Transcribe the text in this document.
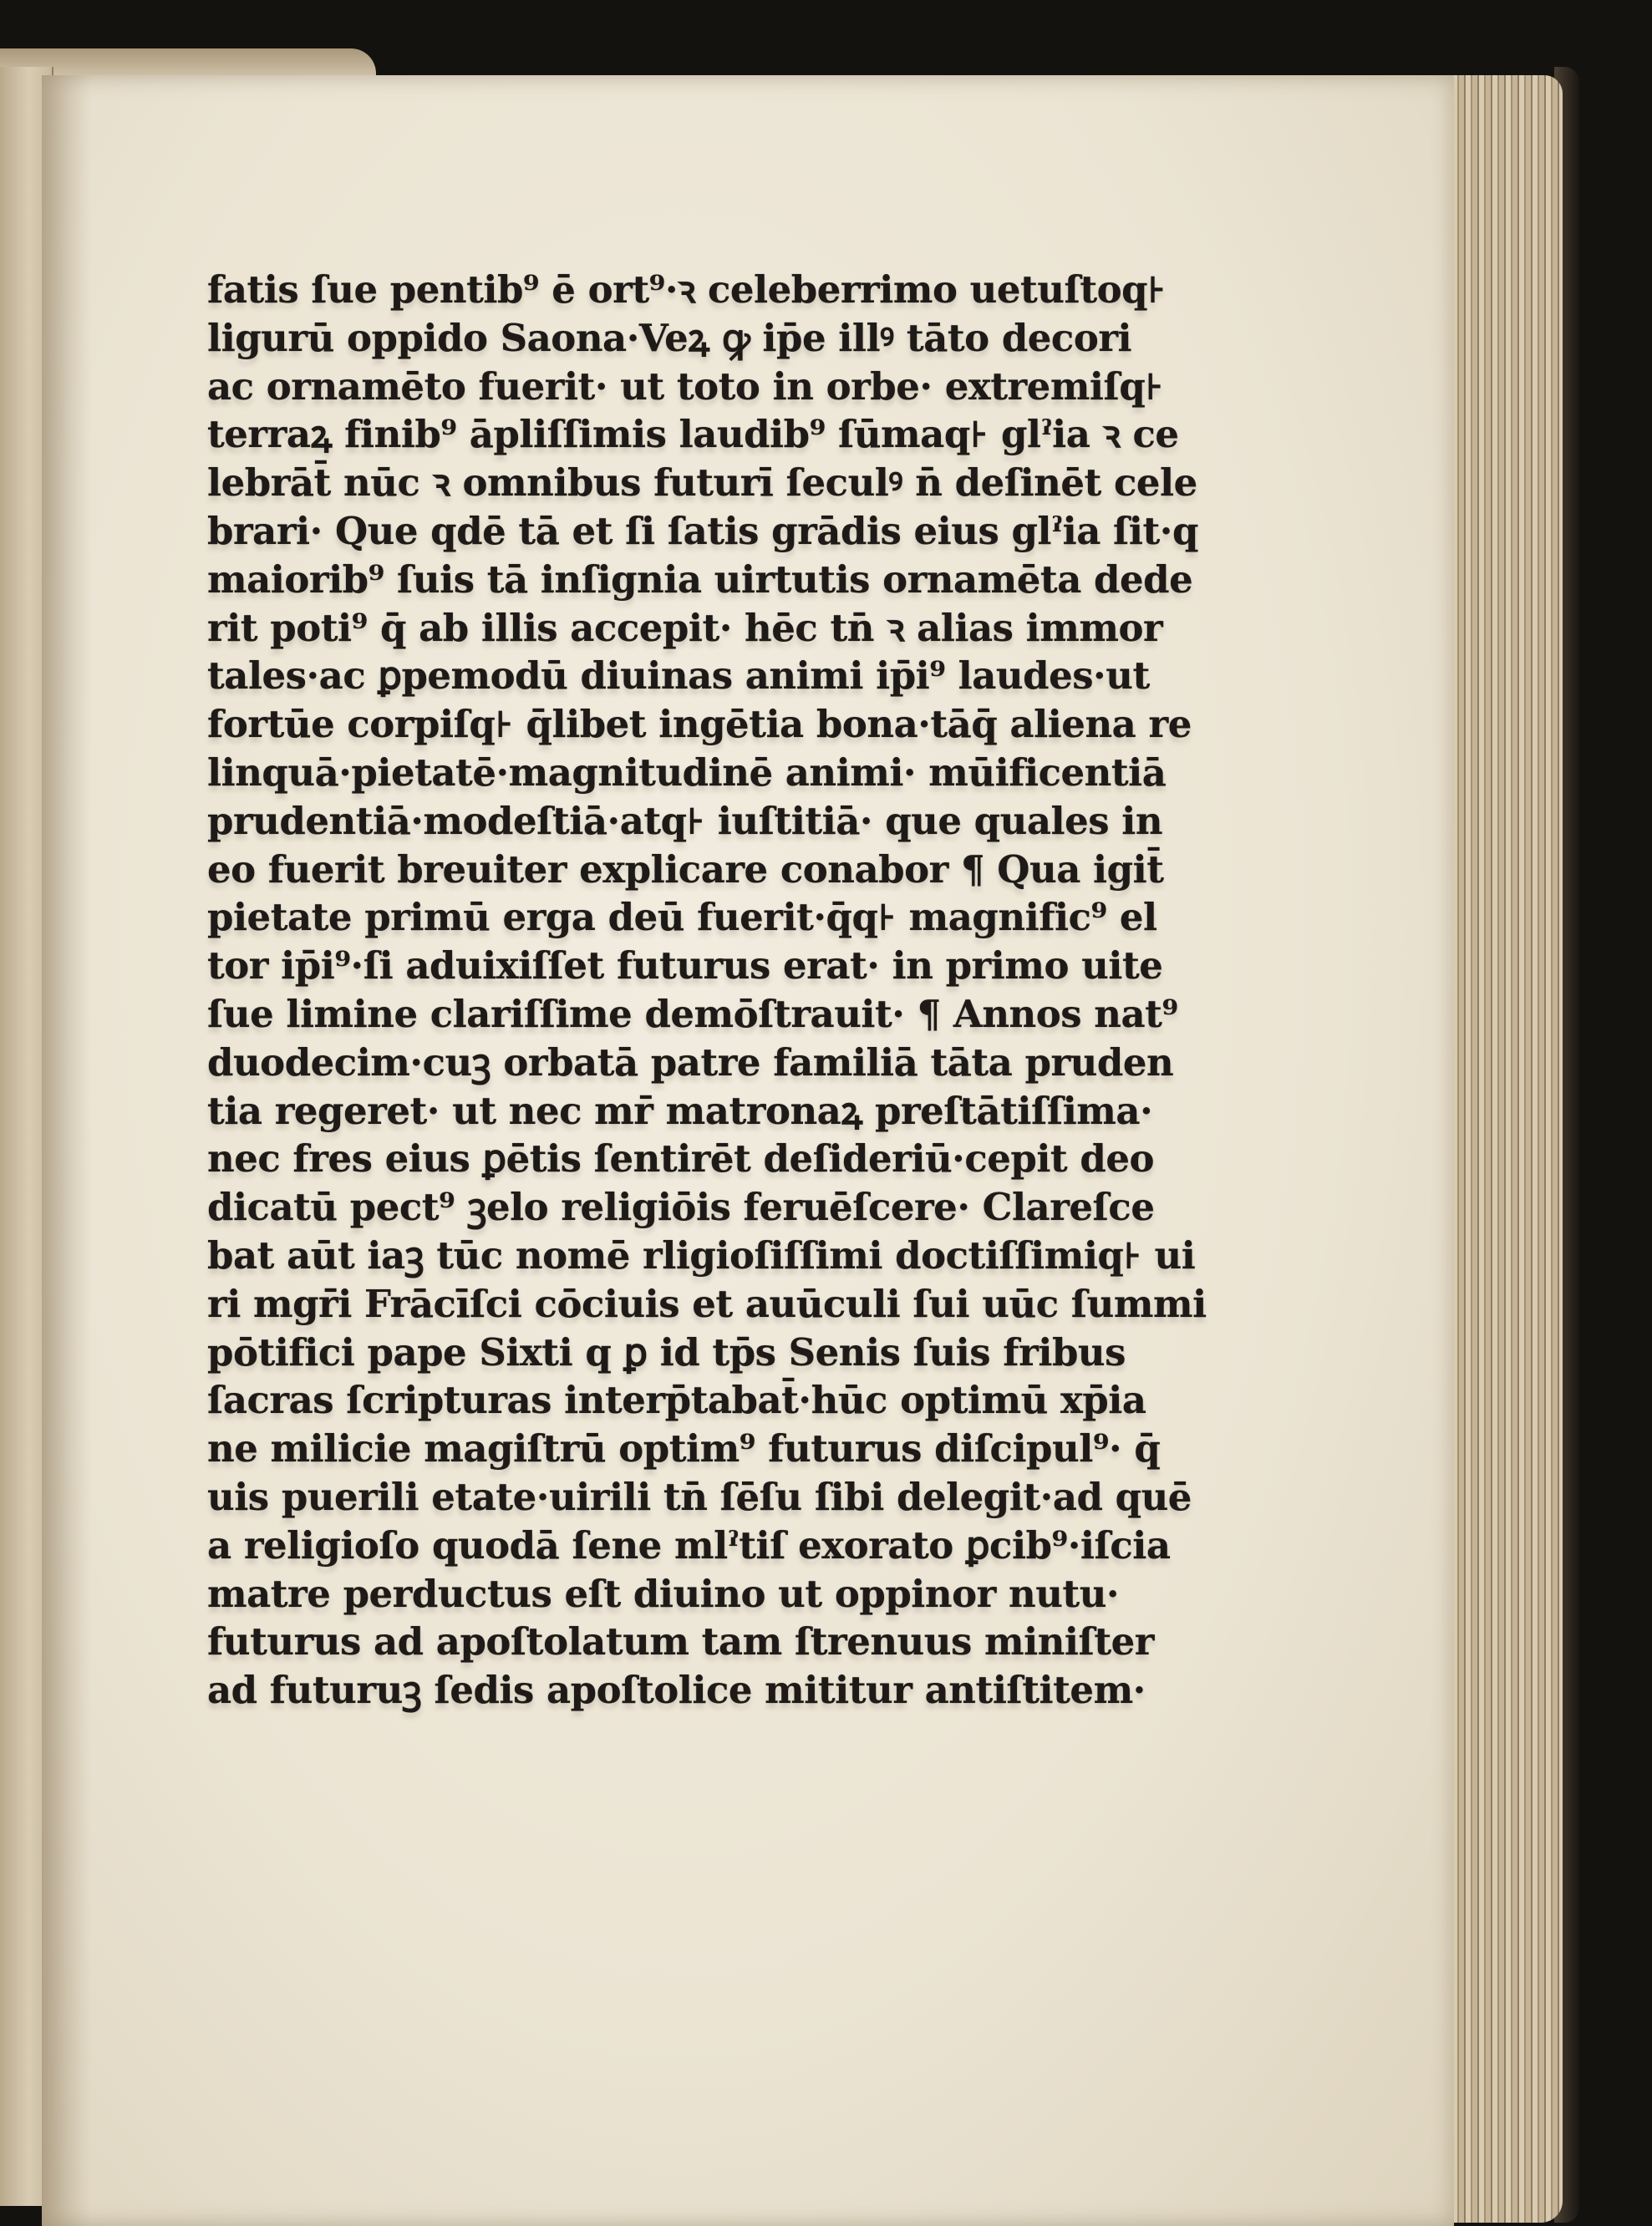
fatis ſue pentib⁹ ē ort⁹·ꝛ celeberrimo uetuſtoq꜔
ligurū oppido Saona·Veꝝ ꝙ ip̄e illꝰ tāto decori
ac ornamēto fuerit· ut toto in orbe· extremiſq꜔
terraꝝ finib⁹ āpliſſimis laudib⁹ ſūmaq꜔ glˀia ꝛ ce
lebrāt̄ nūc ꝛ omnibus futurī ſeculꝰ n̄ deſinēt cele
brari· Que qdē tā et ſi ſatis grādis eius glˀia ſit·q
maiorib⁹ ſuis tā inſignia uirtutis ornamēta dede
rit poti⁹ q̄ ab illis accepit· hēc tn̄ ꝛ alias immor
tales·ac ꝑpemodū diuinas animi ip̄i⁹ laudes·ut
fortūe corpiſq꜔ q̄libet ingētia bona·tāq̄ aliena re
linquā·pietatē·magnitudinē animi· mūificentiā
prudentiā·modeſtiā·atq꜔ iuſtitiā· que quales in
eo fuerit breuiter explicare conabor ¶ Qua igit̄
pietate primū erga deū fuerit·q̄q꜔ magnific⁹ el
tor ip̄i⁹·ſi aduixiſſet futurus erat· in primo uite
ſue limine clariſſime demōſtrauit· ¶ Annos nat⁹
duodecim·cuꝫ orbatā patre familiā tāta pruden
tia regeret· ut nec mr̄ matronaꝝ preſtātiſſima·
nec fres eius ꝑētis ſentirēt deſideriū·cepit deo
dicatū pect⁹ ꝫelo religiōis feruēſcere· Clareſce
bat aūt iaꝫ tūc nomē rligioſiſſimi doctiſſimiq꜔ ui
ri mgr̄i Frācīſci cōciuis et auūculi ſui uūc ſummi
pōtifici pape Sixti q ꝑ id tp̄s Senis ſuis fribus
ſacras ſcripturas interp̄tabat̄·hūc optimū xp̄ia
ne milicie magiſtrū optim⁹ futurus diſcipul⁹· q̄
uis puerili etate·uirili tn̄ ſēſu ſibi delegit·ad quē
a religioſo quodā ſene mlˀtiſ exorato ꝑcib⁹·iſcia
matre perductus eſt diuino ut oppinor nutu·
futurus ad apoſtolatum tam ſtrenuus miniſter
ad futuruꝫ ſedis apoſtolice mititur antiſtitem·
